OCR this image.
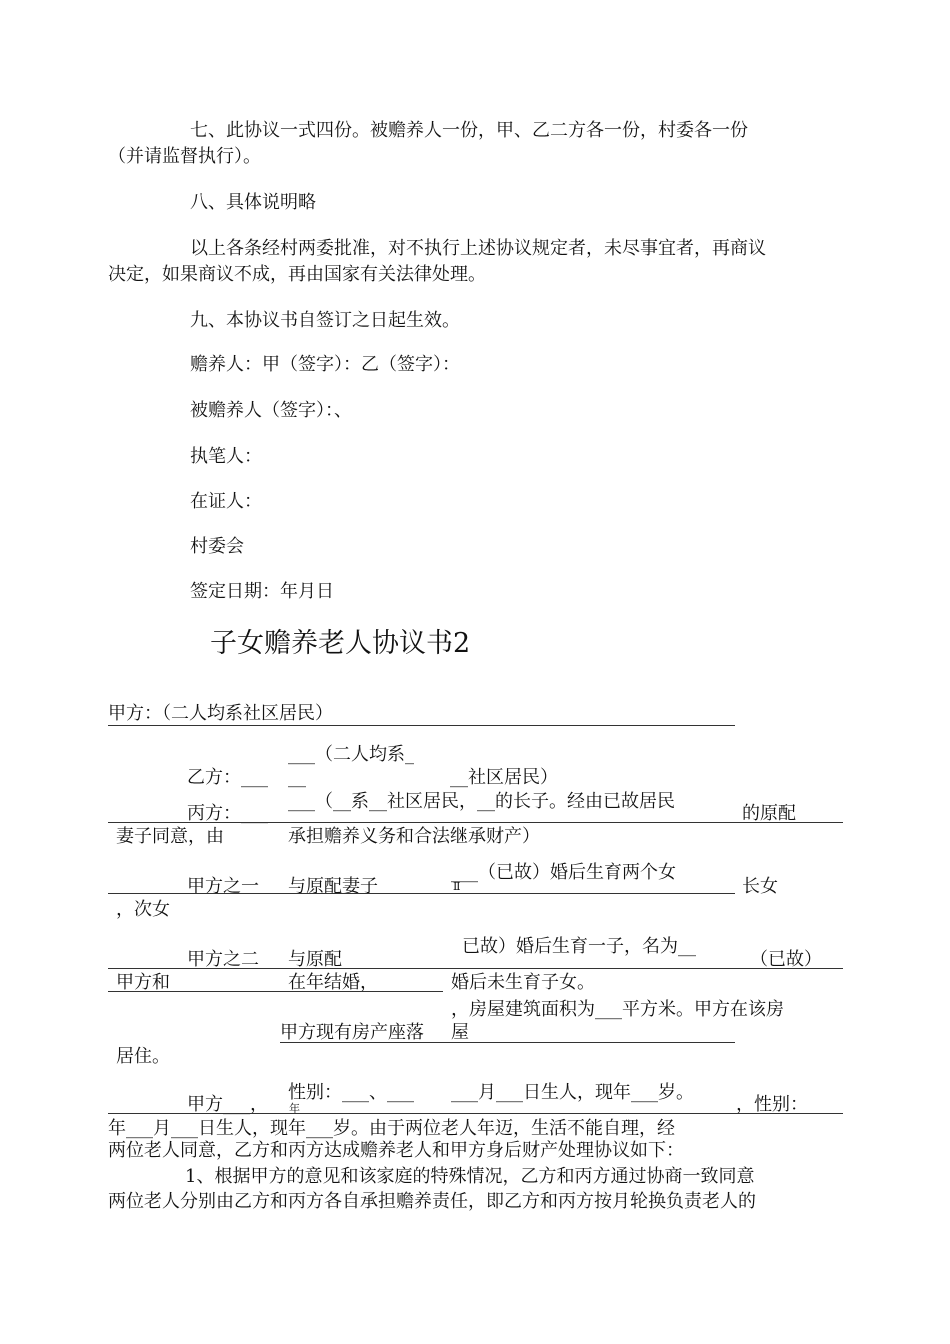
七、此协议一式四份。被赡养人一份，甲、乙二方各一份，村委各一份
（并请监督执行）。
八、具体说明略
以上各条经村两委批准，对不执行上述协议规定者，未尽事宜者，再商议
决定，如果商议不成，再由国家有关法律处理。
九、本协议书自签订之日起生效。
赡养人：甲（签字）：乙（签字）：
被赡养人（签字）：、
执笔人：
在证人：
村委会
签定日期：年月日
子女赡养老人协议书2
甲方：（二人均系社区居民）
___（二人均系_
乙方：___ __	__社区居民）
___（__系__社区居民，__的长子。经由已故居民
丙方：___	的原配
妻子同意，由	承担赡养义务和合法继承财产）
___（已故）婚后生育两个女
甲方之一 与原配妻子	长女
Ⅱ
，次女
已故）婚后生育一子，名为__
甲方之二 与原配	（已故）
甲方和	在年结婚，	婚后未生育子女。
，房屋建筑面积为___平方米。甲方在该房
甲方现有房产座落 屋
居住。
性别：___、___ ___月___日生人，现年___岁。
甲方___，	，性别：
年
年___月___日生人，现年___岁。由于两位老人年迈，生活不能自理，经
两位老人同意，乙方和丙方达成赡养老人和甲方身后财产处理协议如下：
1、根据甲方的意见和该家庭的特殊情况，乙方和丙方通过协商一致同意
两位老人分别由乙方和丙方各自承担赡养责任，即乙方和丙方按月轮换负责老人的
